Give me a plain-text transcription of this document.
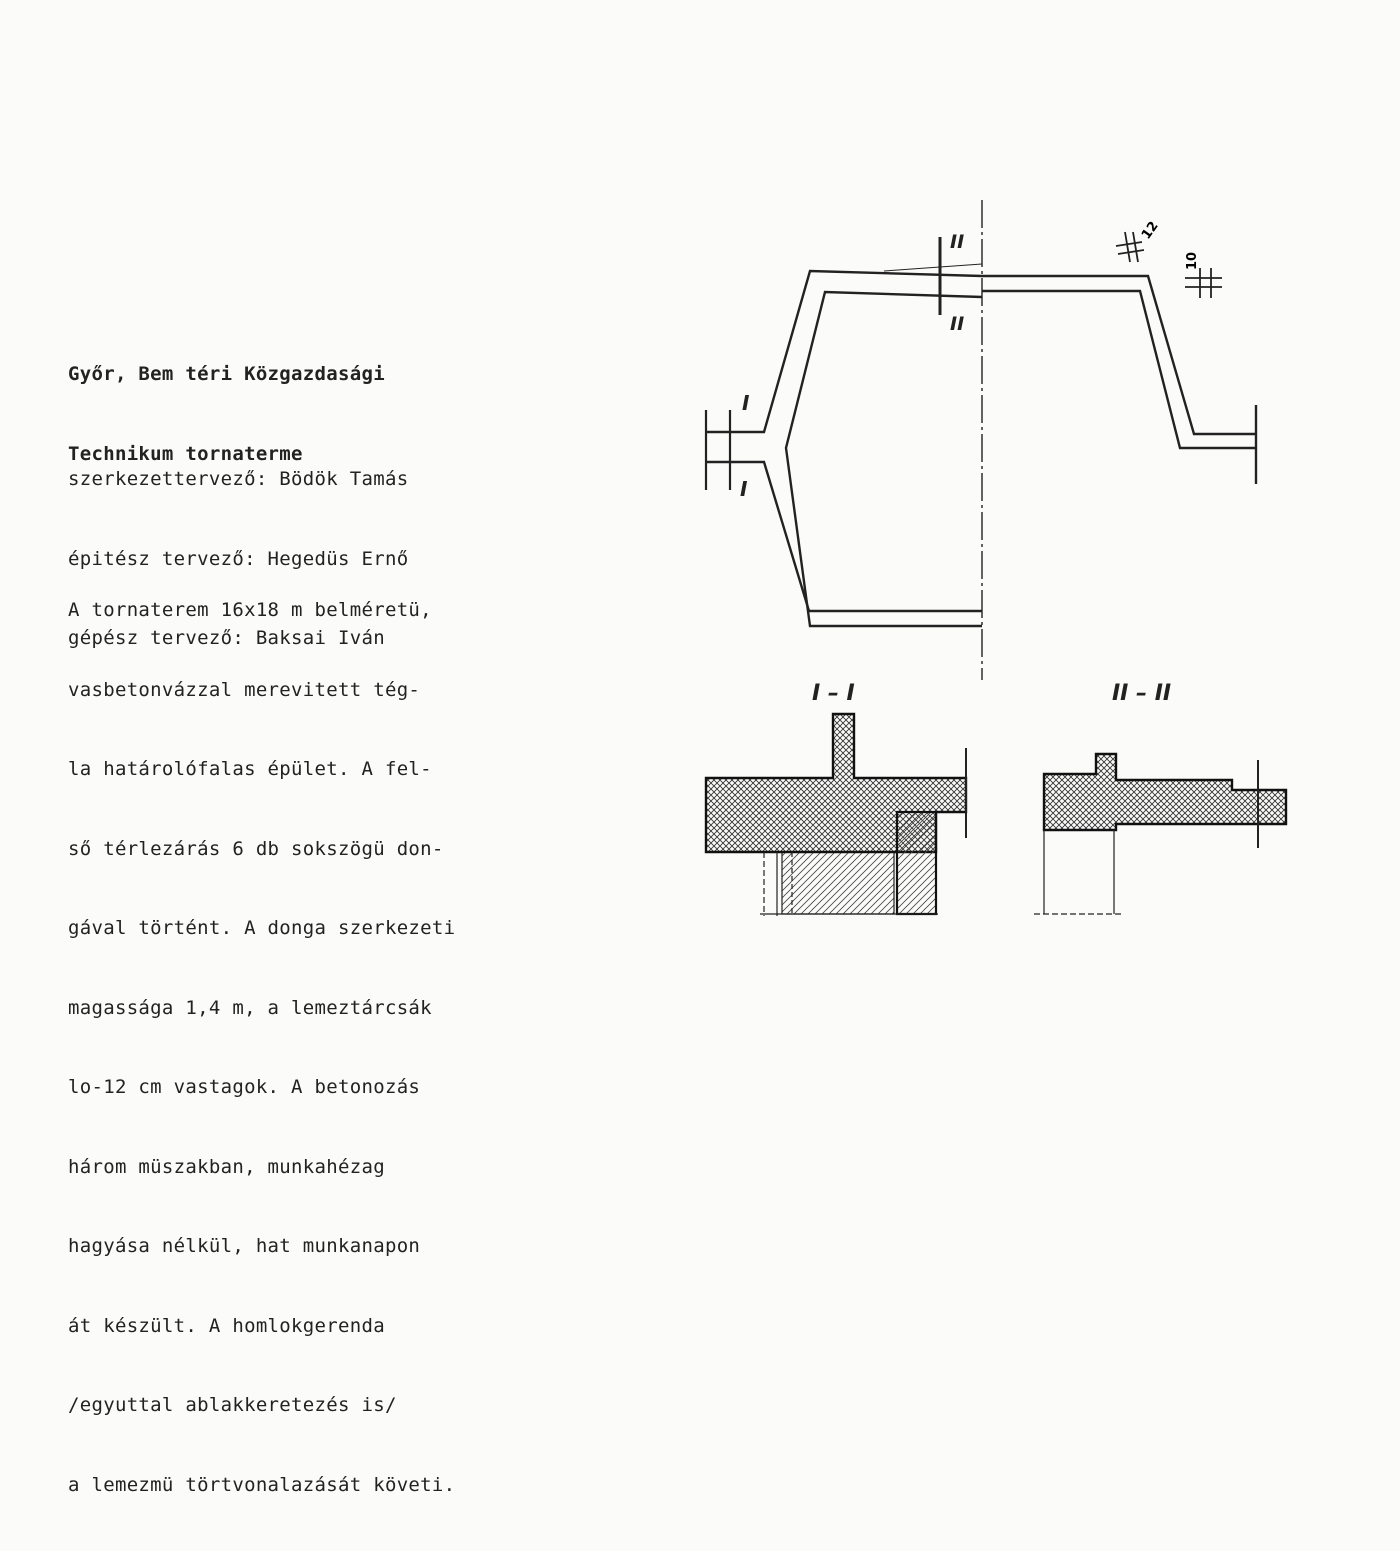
Győr, Bem téri Közgazdasági

Technikum tornaterme

szerkezettervező: Bödök Tamás

épitész tervező: Hegedüs Ernő

gépész tervező: Baksai Iván

A tornaterem 16x18 m belméretü,

vasbetonvázzal merevitett tég-

la határolófalas épület. A fel-

ső térlezárás 6 db sokszögü don-

gával történt. A donga szerkezeti

magassága 1,4 m, a lemeztárcsák

lo-12 cm vastagok. A betonozás

három müszakban, munkahézag

hagyása nélkül, hat munkanapon

át készült. A homlokgerenda

/egyuttal ablakkeretezés is/

a lemezmü törtvonalazását követi.

II
II
I
I
12
10
I – I	II – II
